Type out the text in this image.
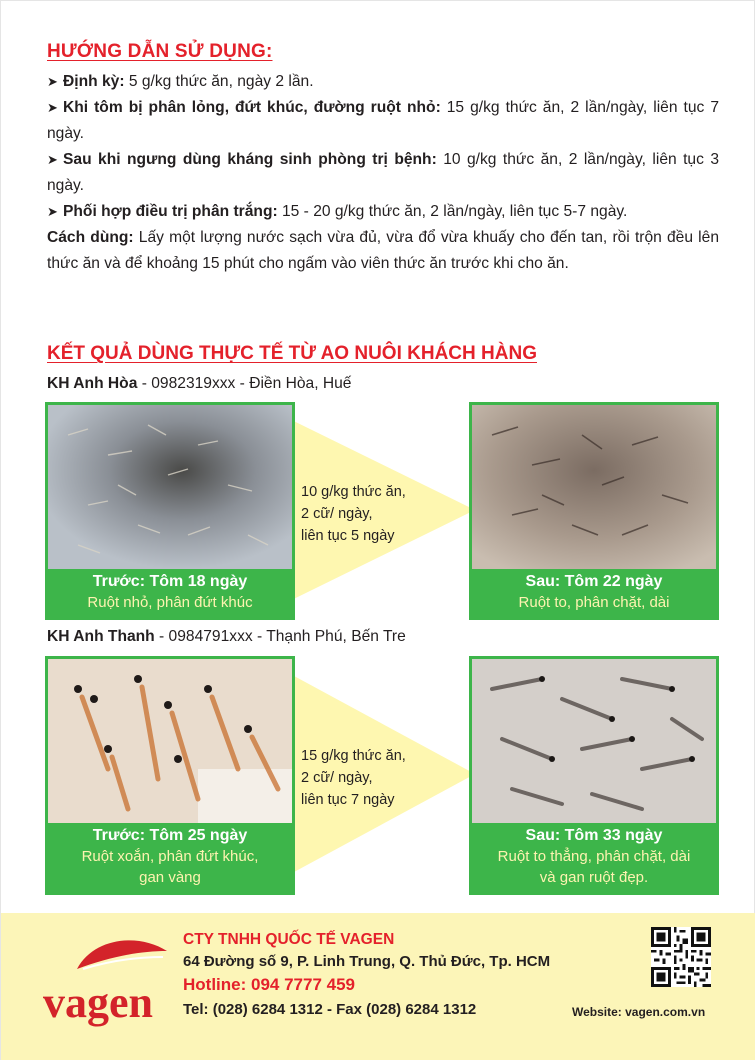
HƯỚNG DẪN SỬ DỤNG:

➤ Định kỳ: 5 g/kg thức ăn, ngày 2 lần.

➤ Khi tôm bị phân lỏng, đứt khúc, đường ruột nhỏ: 15 g/kg thức ăn, 2 lần/ngày, liên tục 7 ngày.

➤ Sau khi ngưng dùng kháng sinh phòng trị bệnh: 10 g/kg thức ăn, 2 lần/ngày, liên tục 3 ngày.

➤ Phối hợp điều trị phân trắng: 15 - 20 g/kg thức ăn, 2 lần/ngày, liên tục 5-7 ngày.

Cách dùng: Lấy một lượng nước sạch vừa đủ, vừa đổ vừa khuấy cho đến tan, rồi trộn đều lên thức ăn và để khoảng 15 phút cho ngấm vào viên thức ăn trước khi cho ăn.

KẾT QUẢ DÙNG THỰC TẾ TỪ AO NUÔI KHÁCH HÀNG
KH Anh Hòa - 0982319xxx - Điền Hòa, Huế
10 g/kg thức ăn,
2 cữ/ ngày,
liên tục 5 ngày
Trước: Tôm 18 ngày
Ruột nhỏ, phân đứt khúc
Sau: Tôm 22 ngày
Ruột to, phân chặt, dài
KH Anh Thanh - 0984791xxx - Thạnh Phú, Bến Tre
15 g/kg thức ăn,
2 cữ/ ngày,
liên tục 7 ngày
Trước: Tôm 25 ngày
Ruột xoắn, phân đứt khúc,
gan vàng
Sau: Tôm 33 ngày
Ruột to thẳng, phân chặt, dài
và gan ruột đẹp.
vagen
CTY TNHH QUỐC TẾ VAGEN
64 Đường số 9, P. Linh Trung, Q. Thủ Đức, Tp. HCM
Hotline: 094 7777 459
Tel: (028) 6284 1312 - Fax (028) 6284 1312	Website: vagen.com.vn
